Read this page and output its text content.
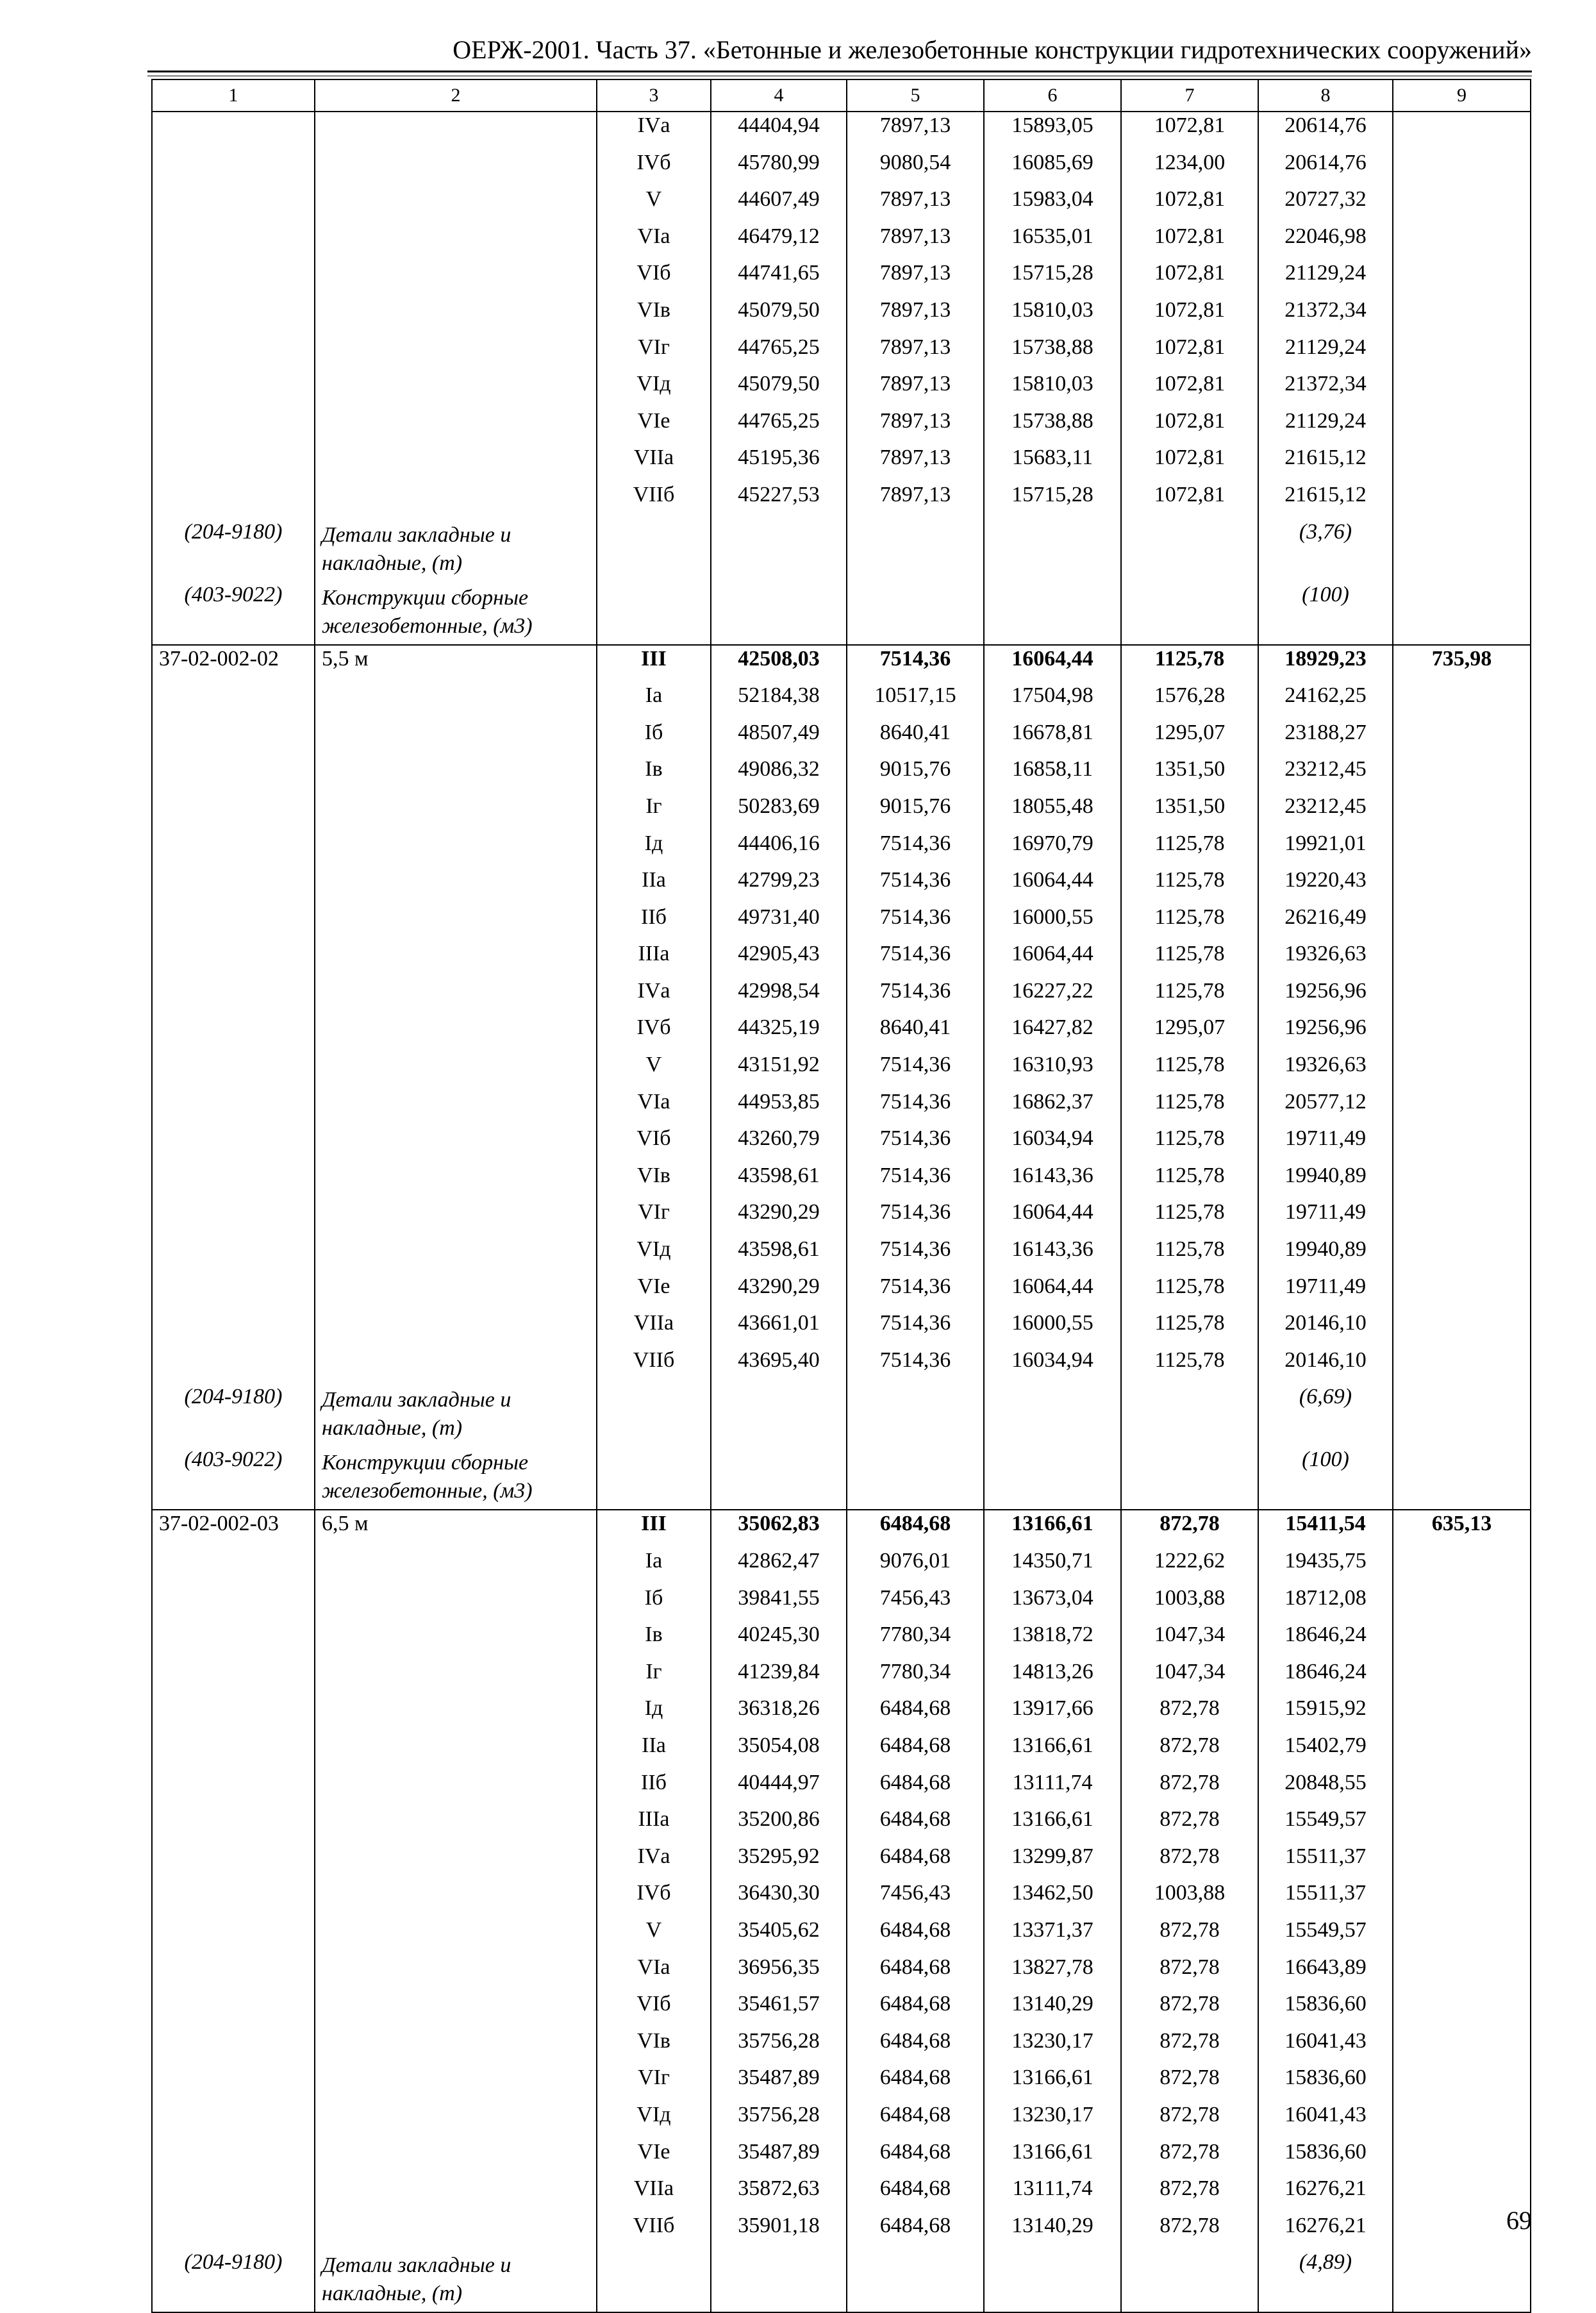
ОЕРЖ-2001. Часть 37. «Бетонные и железобетонные конструкции гидротехнических сооружений»
1	2	3	4	5	6	7	8	9
		IVа	44404,94	7897,13	15893,05	1072,81	20614,76	
		IVб	45780,99	9080,54	16085,69	1234,00	20614,76	
		V	44607,49	7897,13	15983,04	1072,81	20727,32	
		VIа	46479,12	7897,13	16535,01	1072,81	22046,98	
		VIб	44741,65	7897,13	15715,28	1072,81	21129,24	
		VIв	45079,50	7897,13	15810,03	1072,81	21372,34	
		VIг	44765,25	7897,13	15738,88	1072,81	21129,24	
		VIд	45079,50	7897,13	15810,03	1072,81	21372,34	
		VIе	44765,25	7897,13	15738,88	1072,81	21129,24	
		VIIа	45195,36	7897,13	15683,11	1072,81	21615,12	
		VIIб	45227,53	7897,13	15715,28	1072,81	21615,12	
(204-9180)	Детали закладные и накладные, (т)						(3,76)	
(403-9022)	Конструкции сборные железобетонные, (м3)						(100)	
37-02-002-02	5,5 м	III	42508,03	7514,36	16064,44	1125,78	18929,23	735,98
		Iа	52184,38	10517,15	17504,98	1576,28	24162,25	
		Iб	48507,49	8640,41	16678,81	1295,07	23188,27	
		Iв	49086,32	9015,76	16858,11	1351,50	23212,45	
		Iг	50283,69	9015,76	18055,48	1351,50	23212,45	
		Iд	44406,16	7514,36	16970,79	1125,78	19921,01	
		IIа	42799,23	7514,36	16064,44	1125,78	19220,43	
		IIб	49731,40	7514,36	16000,55	1125,78	26216,49	
		IIIа	42905,43	7514,36	16064,44	1125,78	19326,63	
		IVа	42998,54	7514,36	16227,22	1125,78	19256,96	
		IVб	44325,19	8640,41	16427,82	1295,07	19256,96	
		V	43151,92	7514,36	16310,93	1125,78	19326,63	
		VIа	44953,85	7514,36	16862,37	1125,78	20577,12	
		VIб	43260,79	7514,36	16034,94	1125,78	19711,49	
		VIв	43598,61	7514,36	16143,36	1125,78	19940,89	
		VIг	43290,29	7514,36	16064,44	1125,78	19711,49	
		VIд	43598,61	7514,36	16143,36	1125,78	19940,89	
		VIе	43290,29	7514,36	16064,44	1125,78	19711,49	
		VIIа	43661,01	7514,36	16000,55	1125,78	20146,10	
		VIIб	43695,40	7514,36	16034,94	1125,78	20146,10	
(204-9180)	Детали закладные и накладные, (т)						(6,69)	
(403-9022)	Конструкции сборные железобетонные, (м3)						(100)	
37-02-002-03	6,5 м	III	35062,83	6484,68	13166,61	872,78	15411,54	635,13
		Iа	42862,47	9076,01	14350,71	1222,62	19435,75	
		Iб	39841,55	7456,43	13673,04	1003,88	18712,08	
		Iв	40245,30	7780,34	13818,72	1047,34	18646,24	
		Iг	41239,84	7780,34	14813,26	1047,34	18646,24	
		Iд	36318,26	6484,68	13917,66	872,78	15915,92	
		IIа	35054,08	6484,68	13166,61	872,78	15402,79	
		IIб	40444,97	6484,68	13111,74	872,78	20848,55	
		IIIа	35200,86	6484,68	13166,61	872,78	15549,57	
		IVа	35295,92	6484,68	13299,87	872,78	15511,37	
		IVб	36430,30	7456,43	13462,50	1003,88	15511,37	
		V	35405,62	6484,68	13371,37	872,78	15549,57	
		VIа	36956,35	6484,68	13827,78	872,78	16643,89	
		VIб	35461,57	6484,68	13140,29	872,78	15836,60	
		VIв	35756,28	6484,68	13230,17	872,78	16041,43	
		VIг	35487,89	6484,68	13166,61	872,78	15836,60	
		VIд	35756,28	6484,68	13230,17	872,78	16041,43	
		VIе	35487,89	6484,68	13166,61	872,78	15836,60	
		VIIа	35872,63	6484,68	13111,74	872,78	16276,21	
		VIIб	35901,18	6484,68	13140,29	872,78	16276,21	
(204-9180)	Детали закладные и накладные, (т)						(4,89)	
69
